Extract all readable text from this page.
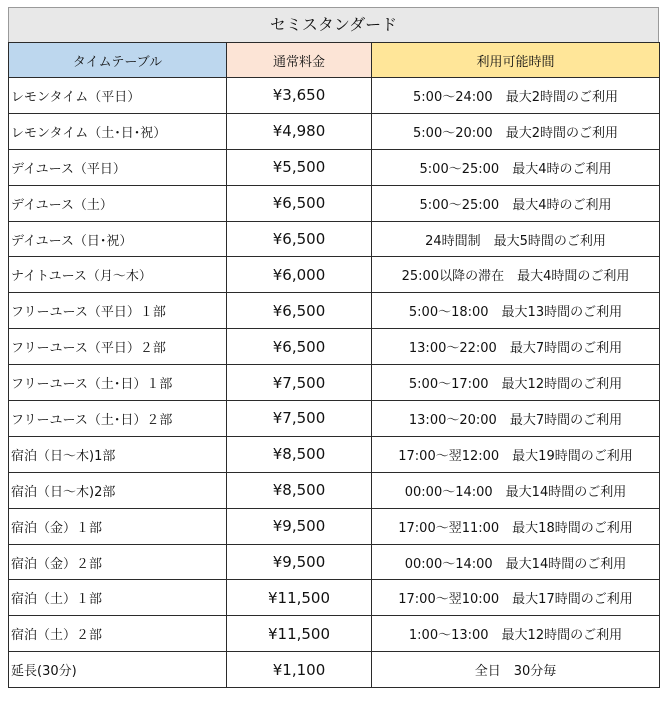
セミスタンダード
タイムテーブル	通常料金	利用可能時間
レモンタイム（平日）	¥3,650	5:00～24:00　最大2時間のご利用
レモンタイム（土･日･祝）	¥4,980	5:00～20:00　最大2時間のご利用
デイユース（平日）	¥5,500	5:00～25:00　最大4時のご利用
デイユース（土）	¥6,500	5:00～25:00　最大4時のご利用
デイユース（日･祝）	¥6,500	24時間制　最大5時間のご利用
ナイトユース（月～木）	¥6,000	25:00以降の滞在　最大4時間のご利用
フリーユース（平日）１部	¥6,500	5:00～18:00　最大13時間のご利用
フリーユース（平日）２部	¥6,500	13:00～22:00　最大7時間のご利用
フリーユース（土･日）１部	¥7,500	5:00～17:00　最大12時間のご利用
フリーユース（土･日）２部	¥7,500	13:00～20:00　最大7時間のご利用
宿泊（日～木)1部	¥8,500	17:00～翌12:00　最大19時間のご利用
宿泊（日～木)2部	¥8,500	00:00～14:00　最大14時間のご利用
宿泊（金）１部	¥9,500	17:00～翌11:00　最大18時間のご利用
宿泊（金）２部	¥9,500	00:00～14:00　最大14時間のご利用
宿泊（土）１部	¥11,500	17:00～翌10:00　最大17時間のご利用
宿泊（土）２部	¥11,500	1:00～13:00　最大12時間のご利用
延長(30分)	¥1,100	全日　30分毎
